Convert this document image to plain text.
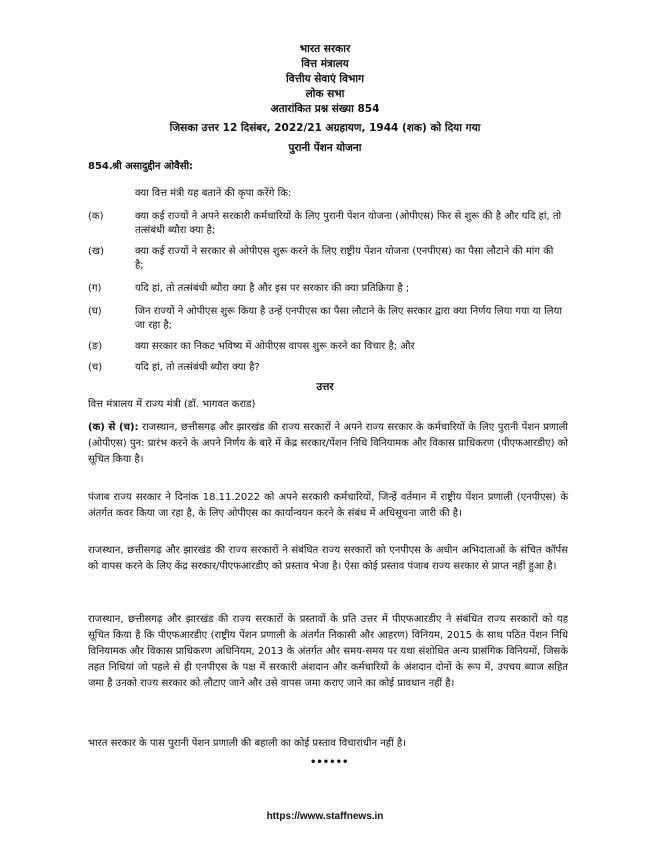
भारत सरकार
वित्त मंत्रालय
वित्तीय सेवाएं विभाग
लोक सभा
अतारांकित प्रश्न संख्या 854
जिसका उत्तर 12 दिसंबर, 2022/21 अग्रहायण, 1944 (शक) को दिया गया
पुरानी पेंशन योजना
854. श्री असादुद्दीन ओवैसी:
क्या वित्त मंत्री यह बताने की कृपा करेंगे कि:
(क)	क्या कई राज्यों ने अपने सरकारी कर्मचारियों के लिए पुरानी पेंशन योजना (ओपीएस) फिर से शुरू की है और यदि हां, तो तत्संबंधी ब्यौरा क्या है;
(ख)	क्या कई राज्यों ने सरकार से ओपीएस शुरू करने के लिए राष्ट्रीय पेंशन योजना (एनपीएस) का पैसा लौटाने की मांग की है;
(ग)	यदि हां, तो तत्संबंधी ब्यौरा क्या है और इस पर सरकार की क्या प्रतिक्रिया है ;
(घ)	जिन राज्यों ने ओपीएस शुरू किया है उन्हें एनपीएस का पैसा लौटाने के लिए सरकार द्वारा क्या निर्णय लिया गया या लिया जा रहा है;
(ङ)	क्या सरकार का निकट भविष्य में ओपीएस वापस शुरू करने का विचार है; और
(च)	यदि हां, तो तत्संबंधी ब्यौरा क्या है?
उत्तर
वित्त मंत्रालय में राज्य मंत्री (डॉ. भागवत कराड)
(क) से (च): राजस्थान, छत्तीसगढ़ और झारखंड की राज्य सरकारों ने अपने राज्य सरकार के कर्मचारियों के लिए पुरानी पेंशन प्रणाली (ओपीएस) पुन: प्रारंभ करने के अपने निर्णय के बारे में केंद्र सरकार/पेंशन निधि विनियामक और विकास प्राधिकरण (पीएफआरडीए) को सूचित किया है।
पंजाब राज्य सरकार ने दिनांक 18.11.2022 को अपने सरकारी कर्मचारियों, जिन्हें वर्तमान में राष्ट्रीय पेंशन प्रणाली (एनपीएस) के अंतर्गत कवर किया जा रहा है, के लिए ओपीएस का कार्यान्वयन करने के संबंध में अधिसूचना जारी की है।
राजस्थान, छत्तीसगढ़ और झारखंड की राज्य सरकारों ने संबंधित राज्य सरकारों को एनपीएस के अधीन अभिदाताओं के संचित कॉर्पस को वापस करने के लिए केंद्र सरकार/पीएफआरडीए को प्रस्ताव भेजा है। ऐसा कोई प्रस्ताव पंजाब राज्य सरकार से प्राप्त नहीं हुआ है।
राजस्थान, छत्तीसगढ़ और झारखंड की राज्य सरकारों के प्रस्तावों के प्रति उत्तर में पीएफआरडीए ने संबंधित राज्य सरकारों को यह सूचित किया है कि पीएफआरडीए (राष्ट्रीय पेंशन प्रणाली के अंतर्गत निकासी और आहरण) विनियम, 2015 के साथ पठित पेंशन निधि विनियामक और विकास प्राधिकरण अधिनियम, 2013 के अंतर्गत और समय-समय पर यथा संशोधित अन्य प्रासंगिक विनियमों, जिसके तहत निधियां जो पहले से ही एनपीएस के पक्ष में सरकारी अंशदान और कर्मचारियों के अंशदान दोनों के रूप में, उपचय ब्याज सहित जमा है उनको राज्य सरकार को लौटाए जाने और उसे वापस जमा कराए जाने का कोई प्रावधान नहीं है।
भारत सरकार के पास पुरानी पेंशन प्रणाली की बहाली का कोई प्रस्ताव विचाराधीन नहीं है।
••••••
https://www.staffnews.in
